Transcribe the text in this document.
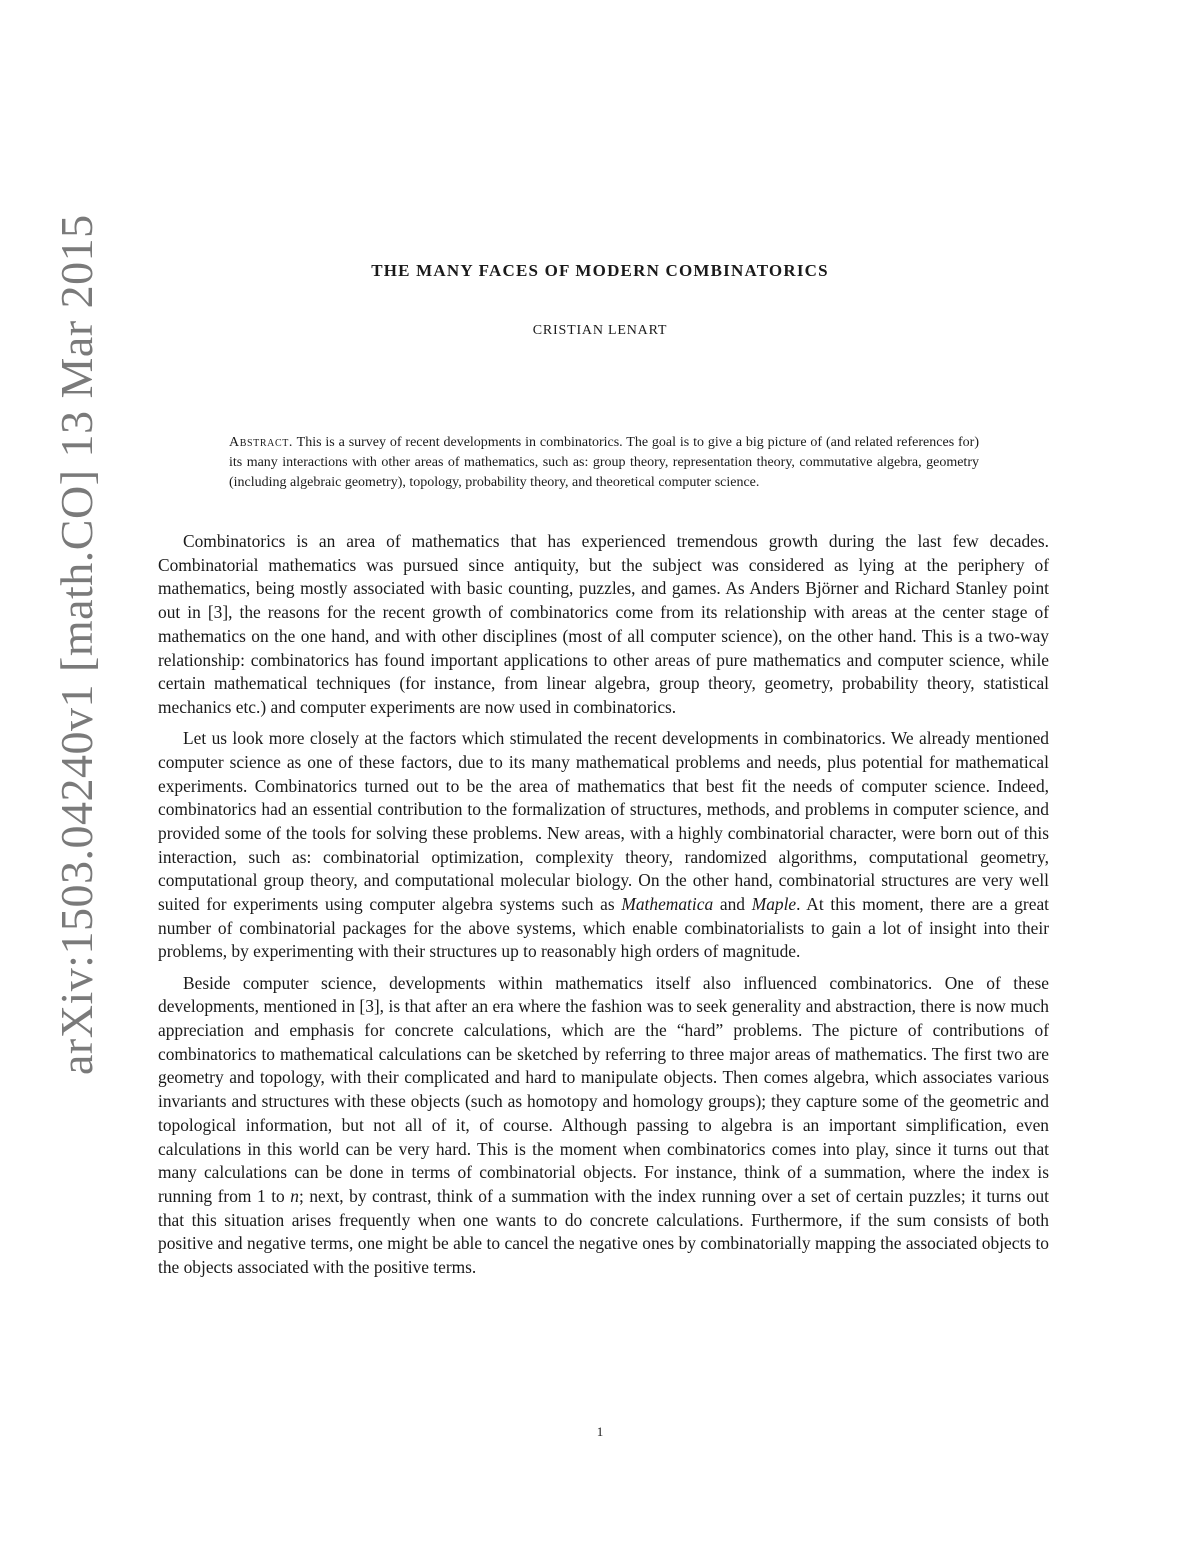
arXiv:1503.04240v1 [math.CO] 13 Mar 2015	THE MANY FACES OF MODERN COMBINATORICS
CRISTIAN LENART
Abstract. This is a survey of recent developments in combinatorics. The goal is to give a big picture of (and related references for) its many interactions with other areas of mathematics, such as: group theory, representation theory, commutative algebra, geometry (including algebraic geometry), topology, probability theory, and theoretical computer science.

Combinatorics is an area of mathematics that has experienced tremendous growth during the last few decades. Combinatorial mathematics was pursued since antiquity, but the subject was considered as lying at the periphery of mathematics, being mostly associated with basic counting, puzzles, and games. As Anders Björner and Richard Stanley point out in [3], the reasons for the recent growth of combinatorics come from its relationship with areas at the center stage of mathematics on the one hand, and with other disciplines (most of all computer science), on the other hand. This is a two-way relationship: combinatorics has found important applications to other areas of pure mathematics and computer science, while certain mathematical techniques (for instance, from linear algebra, group theory, geometry, probability theory, statistical mechanics etc.) and computer experiments are now used in combinatorics.

Let us look more closely at the factors which stimulated the recent developments in combinatorics. We already mentioned computer science as one of these factors, due to its many mathematical problems and needs, plus potential for mathematical experiments. Combinatorics turned out to be the area of mathematics that best fit the needs of computer science. Indeed, combinatorics had an essential contribution to the formalization of structures, methods, and problems in computer science, and provided some of the tools for solving these problems. New areas, with a highly combinatorial character, were born out of this interaction, such as: combinatorial optimization, complexity theory, randomized algorithms, computational geometry, computational group theory, and computational molecular biology. On the other hand, combinatorial structures are very well suited for experiments using computer algebra systems such as Mathematica and Maple. At this moment, there are a great number of combinatorial packages for the above systems, which enable combinatorialists to gain a lot of insight into their problems, by experimenting with their structures up to reasonably high orders of magnitude.

Beside computer science, developments within mathematics itself also influenced combinatorics. One of these developments, mentioned in [3], is that after an era where the fashion was to seek generality and abstraction, there is now much appreciation and emphasis for concrete calculations, which are the “hard” problems. The picture of contributions of combinatorics to mathematical calculations can be sketched by referring to three major areas of mathematics. The first two are geometry and topology, with their complicated and hard to manipulate objects. Then comes algebra, which associates various invariants and structures with these objects (such as homotopy and homology groups); they capture some of the geometric and topological information, but not all of it, of course. Although passing to algebra is an important simplification, even calculations in this world can be very hard. This is the moment when combinatorics comes into play, since it turns out that many calculations can be done in terms of combinatorial objects. For instance, think of a summation, where the index is running from 1 to n; next, by contrast, think of a summation with the index running over a set of certain puzzles; it turns out that this situation arises frequently when one wants to do concrete calculations. Furthermore, if the sum consists of both positive and negative terms, one might be able to cancel the negative ones by combinatorially mapping the associated objects to the objects associated with the positive terms.

1
